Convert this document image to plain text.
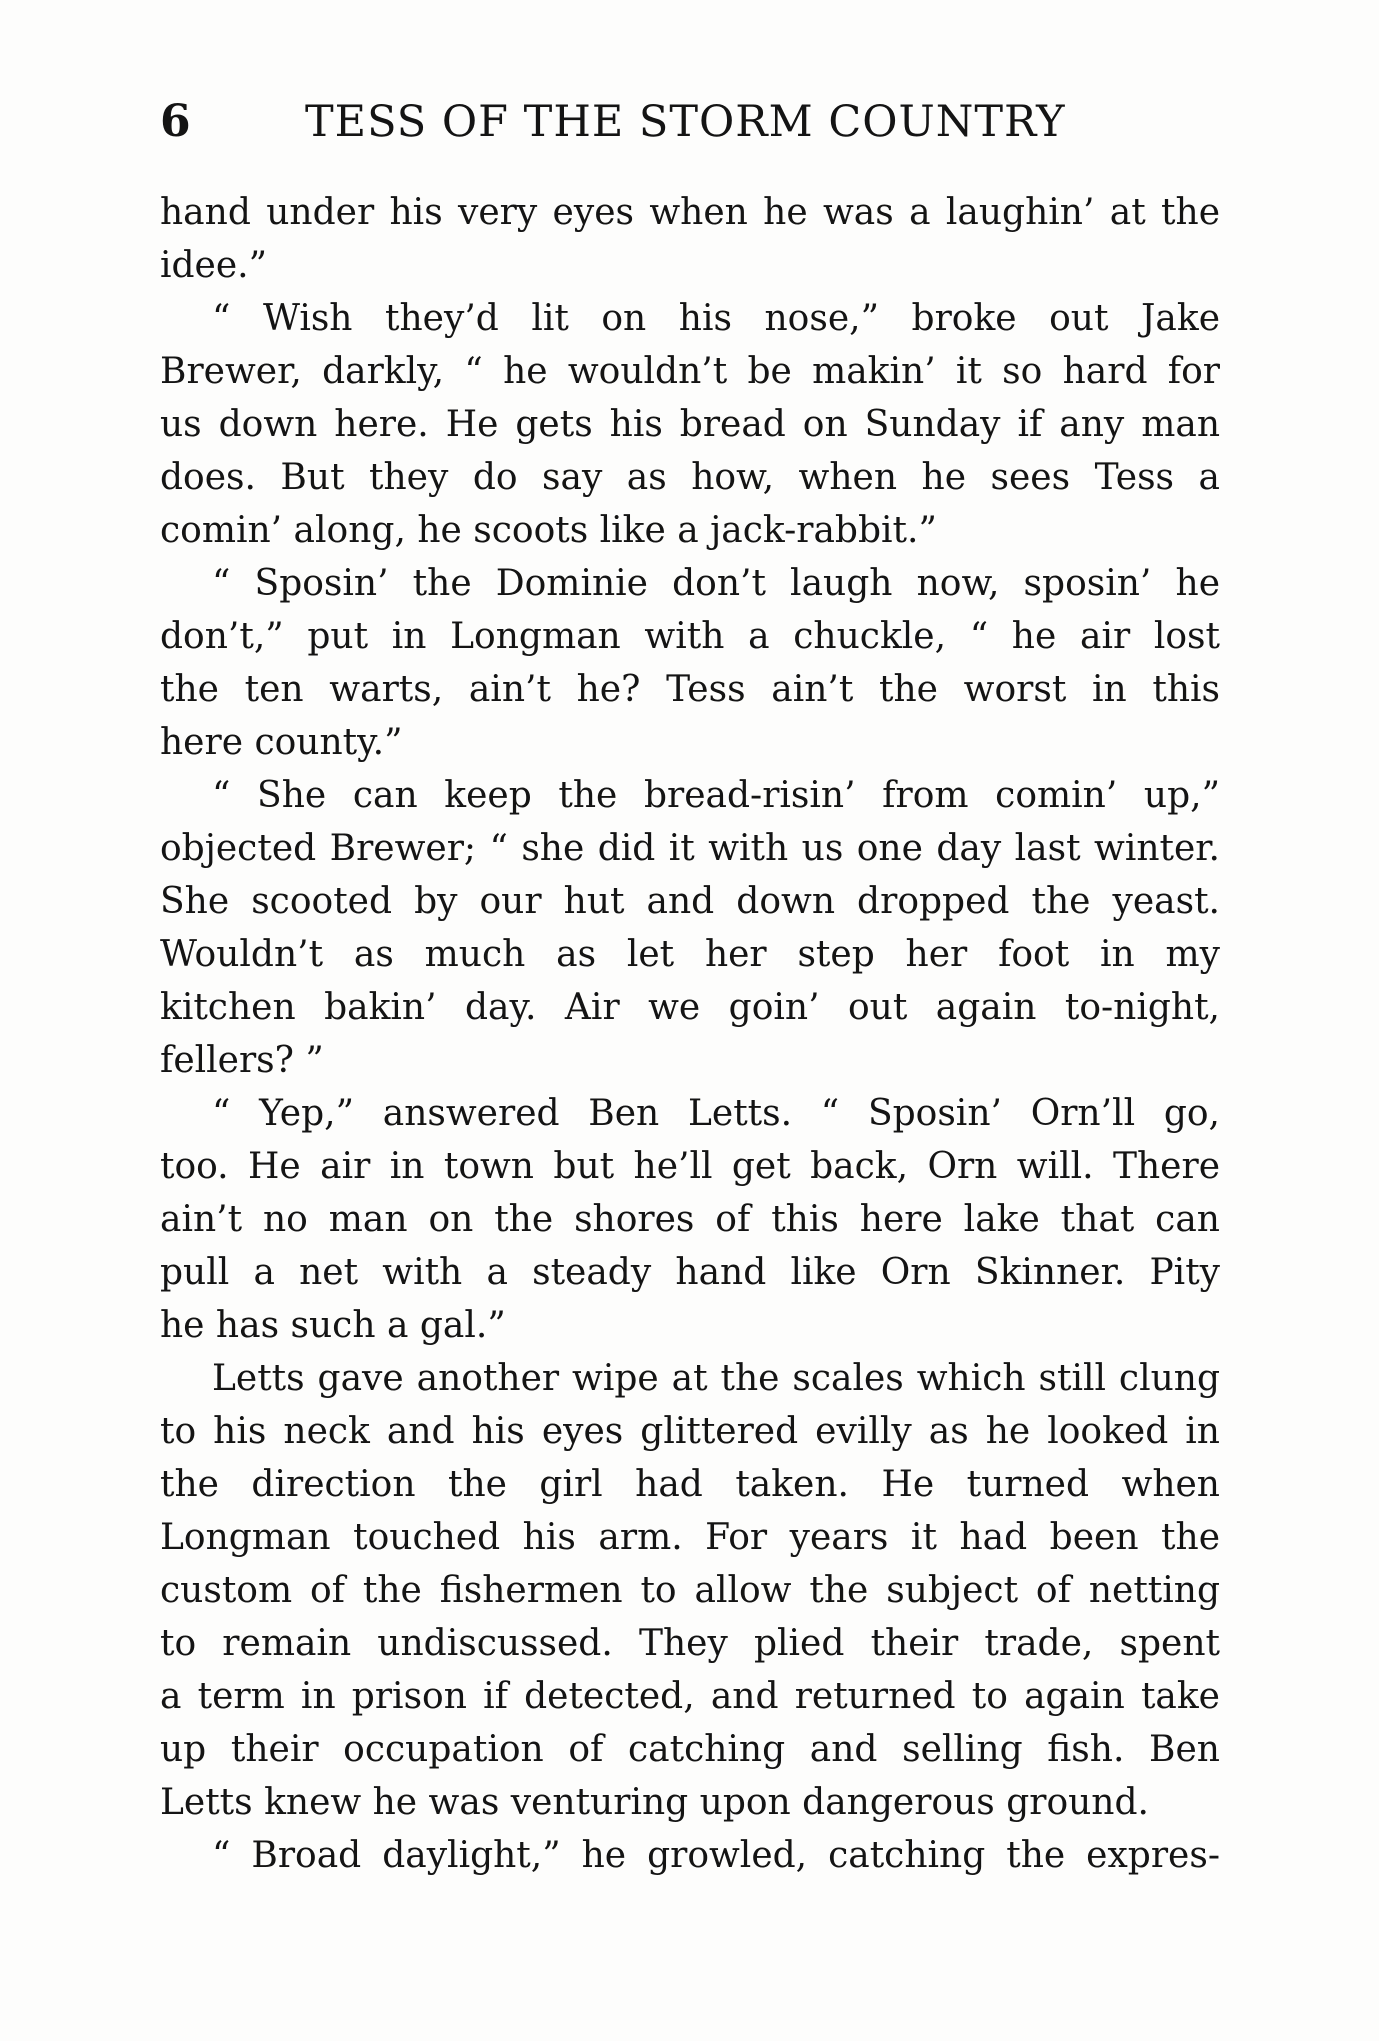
6	TESS OF THE STORM COUNTRY
hand under his very eyes when he was a laughin’ at the
idee.”
“ Wish they’d lit on his nose,” broke out Jake
Brewer, darkly, “ he wouldn’t be makin’ it so hard for
us down here. He gets his bread on Sunday if any man
does. But they do say as how, when he sees Tess a
comin’ along, he scoots like a jack-rabbit.”
“ Sposin’ the Dominie don’t laugh now, sposin’ he
don’t,” put in Longman with a chuckle, “ he air lost
the ten warts, ain’t he? Tess ain’t the worst in this
here county.”
“ She can keep the bread-risin’ from comin’ up,”
objected Brewer; “ she did it with us one day last winter.
She scooted by our hut and down dropped the yeast.
Wouldn’t as much as let her step her foot in my
kitchen bakin’ day. Air we goin’ out again to-night,
fellers? ”
“ Yep,” answered Ben Letts. “ Sposin’ Orn’ll go,
too. He air in town but he’ll get back, Orn will. There
ain’t no man on the shores of this here lake that can
pull a net with a steady hand like Orn Skinner. Pity
he has such a gal.”
Letts gave another wipe at the scales which still clung
to his neck and his eyes glittered evilly as he looked in
the direction the girl had taken. He turned when
Longman touched his arm. For years it had been the
custom of the fishermen to allow the subject of netting
to remain undiscussed. They plied their trade, spent
a term in prison if detected, and returned to again take
up their occupation of catching and selling fish. Ben
Letts knew he was venturing upon dangerous ground.
“ Broad daylight,” he growled, catching the expres-
